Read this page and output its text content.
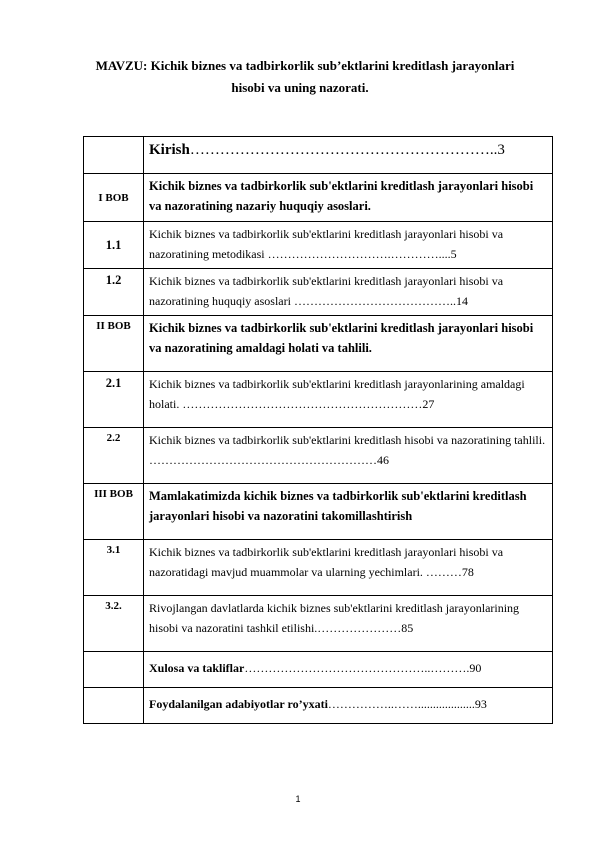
MAVZU: Kichik biznes va tadbirkorlik sub’ektlarini kreditlash jarayonlari
hisobi va uning nazorati.
	Kirish……………………………………………………..3
I BOB	Kichik biznes va tadbirkorlik sub'ektlarini kreditlash jarayonlari hisobi va nazoratining nazariy huquqiy asoslari.
1.1	Kichik biznes va tadbirkorlik sub'ektlarini kreditlash jarayonlari hisobi va nazoratining metodikasi ………………………….…………....5
1.2	Kichik biznes va tadbirkorlik sub'ektlarini kreditlash jarayonlari hisobi va nazoratining huquqiy asoslari …………………………………..14
II BOB	Kichik biznes va tadbirkorlik sub'ektlarini kreditlash jarayonlari hisobi va nazoratining amaldagi holati va tahlili.
2.1	Kichik biznes va tadbirkorlik sub'ektlarini kreditlash jarayonlarining amaldagi holati. ……………………………………………………27
2.2	Kichik biznes va tadbirkorlik sub'ektlarini kreditlash hisobi va nazoratining tahlili. …………………………………………………46
III BOB	Mamlakatimizda kichik biznes va tadbirkorlik sub'ektlarini kreditlash jarayonlari hisobi va nazoratini takomillashtirish
3.1	Kichik biznes va tadbirkorlik sub'ektlarini kreditlash jarayonlari hisobi va nazoratidagi mavjud muammolar va ularning yechimlari. ………78
3.2.	Rivojlangan davlatlarda kichik biznes sub'ektlarini kreditlash jarayonlarining hisobi va nazoratini tashkil etilishi.…………………85
	Xulosa va takliflar………………………………………..……….90
	Foydalanilgan adabiyotlar ro’yxati……………..……...................93
1
